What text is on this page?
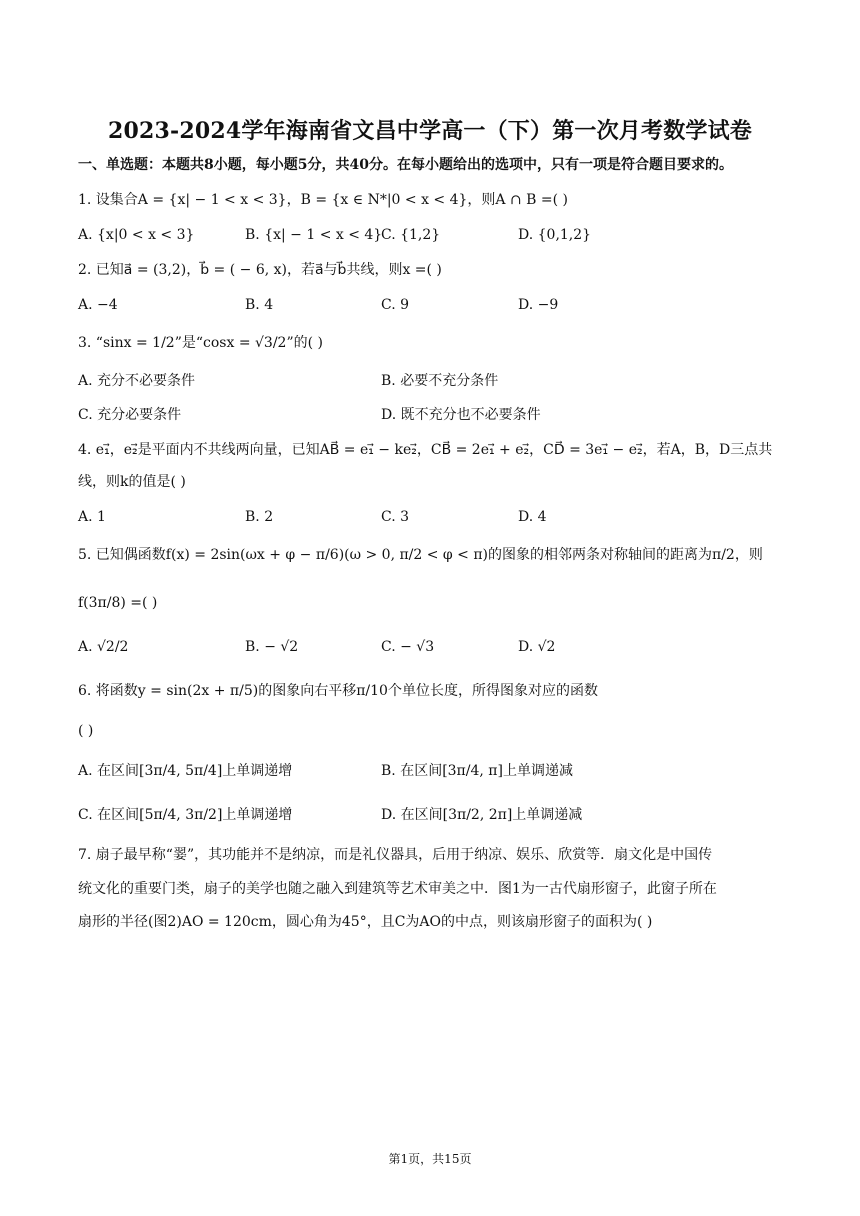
2023-2024学年海南省文昌中学高一（下）第一次月考数学试卷
一、单选题：本题共8小题，每小题5分，共40分。在每小题给出的选项中，只有一项是符合题目要求的。
1. 设集合A = {x| − 1 < x < 3}，B = {x ∈ N*|0 < x < 4}，则A ∩ B =( )
A. {x|0 < x < 3}	B. {x| − 1 < x < 4}
C. {1,2}	D. {0,1,2}
2. 已知a⃗ = (3,2)，b⃗ = ( − 6, x)，若a⃗与b⃗共线，则x =( )
A. −4	B. 4	C. 9	D. −9
3. “sinx = 1/2”是“cosx = √3/2”的( )
A. 充分不必要条件	B. 必要不充分条件
C. 充分必要条件	D. 既不充分也不必要条件
4. e₁⃗，e₂⃗是平面内不共线两向量，已知AB⃗ = e₁⃗ − ke₂⃗，CB⃗ = 2e₁⃗ + e₂⃗，CD⃗ = 3e₁⃗ − e₂⃗，若A，B，D三点共
线，则k的值是( )
A. 1	B. 2	C. 3	D. 4
5. 已知偶函数f(x) = 2sin(ωx + φ − π/6)(ω > 0, π/2 < φ < π)的图象的相邻两条对称轴间的距离为π/2，则
f(3π/8) =( )
A. √2/2	B. − √2	C. − √3	D. √2
6. 将函数y = sin(2x + π/5)的图象向右平移π/10个单位长度，所得图象对应的函数
( )
A. 在区间[3π/4, 5π/4]上单调递增	B. 在区间[3π/4, π]上单调递减
C. 在区间[5π/4, 3π/2]上单调递增	D. 在区间[3π/2, 2π]上单调递减
7. 扇子最早称“翣”，其功能并不是纳凉，而是礼仪器具，后用于纳凉、娱乐、欣赏等．扇文化是中国传
统文化的重要门类，扇子的美学也随之融入到建筑等艺术审美之中．图1为一古代扇形窗子，此窗子所在
扇形的半径(图2)AO = 120cm，圆心角为45°，且C为AO的中点，则该扇形窗子的面积为( )
第1页，共15页
